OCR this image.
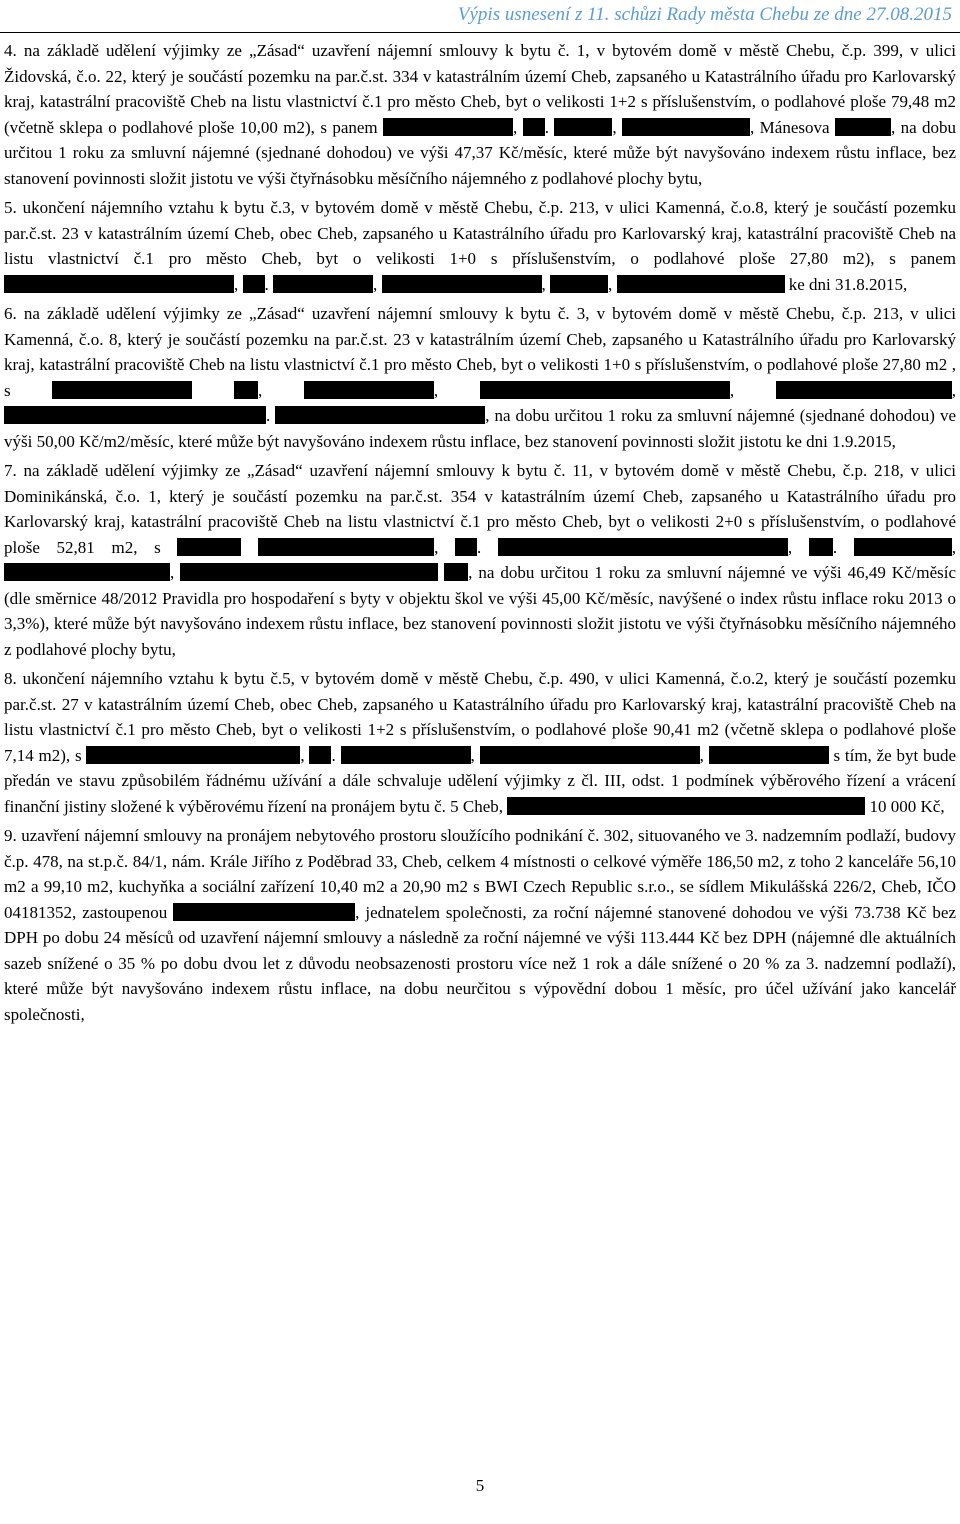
Výpis usnesení z 11. schůzi Rady města Chebu ze dne 27.08.2015

4. na základě udělení výjimky ze „Zásad“ uzavření nájemní smlouvy k bytu č. 1, v bytovém domě v městě Chebu, č.p. 399, v ulici Židovská, č.o. 22, který je součástí pozemku na par.č.st. 334 v katastrálním území Cheb, zapsaného u Katastrálního úřadu pro Karlovarský kraj, katastrální pracoviště Cheb na listu vlastnictví č.1 pro město Cheb, byt o velikosti 1+2 s příslušenstvím, o podlahové ploše 79,48 m2 (včetně sklepa o podlahové ploše 10,00 m2), s panem	, .	,	, Mánesova	, na dobu určitou 1 roku za smluvní nájemné (sjednané dohodou) ve výši 47,37 Kč/měsíc, které může být navyšováno indexem růstu inflace, bez stanovení povinnosti složit jistotu ve výši čtyřnásobku měsíčního nájemného z podlahové plochy bytu,

5. ukončení nájemního vztahu k bytu č.3, v bytovém domě v městě Chebu, č.p. 213, v ulici Kamenná, č.o.8, který je součástí pozemku par.č.st. 23 v katastrálním území Cheb, obec Cheb, zapsaného u Katastrálního úřadu pro Karlovarský kraj, katastrální pracoviště Cheb na listu vlastnictví č.1 pro město Cheb, byt o velikosti 1+0 s příslušenstvím, o podlahové ploše 27,80 m2), s panem , .	,	,	,	ke dni 31.8.2015,

6. na základě udělení výjimky ze „Zásad“ uzavření nájemní smlouvy k bytu č. 3, v bytovém domě v městě Chebu, č.p. 213, v ulici Kamenná, č.o. 8, který je součástí pozemku na par.č.st. 23 v katastrálním území Cheb, zapsaného u Katastrálního úřadu pro Karlovarský kraj, katastrální pracoviště Cheb na listu vlastnictví č.1 pro město Cheb, byt o velikosti 1+0 s příslušenstvím, o podlahové ploše 27,80 m2 , s	,	,	,	, .	, na dobu určitou 1 roku za smluvní nájemné (sjednané dohodou) ve výši 50,00 Kč/m2/měsíc, které může být navyšováno indexem růstu inflace, bez stanovení povinnosti složit jistotu ke dni 1.9.2015,

7. na základě udělení výjimky ze „Zásad“ uzavření nájemní smlouvy k bytu č. 11, v bytovém domě v městě Chebu, č.p. 218, v ulici Dominikánská, č.o. 1, který je součástí pozemku na par.č.st. 354 v katastrálním území Cheb, zapsaného u Katastrálního úřadu pro Karlovarský kraj, katastrální pracoviště Cheb na listu vlastnictví č.1 pro město Cheb, byt o velikosti 2+0 s příslušenstvím, o podlahové ploše 52,81 m2, s	, .	, .	, ,	, na dobu určitou 1 roku za smluvní nájemné ve výši 46,49 Kč/měsíc (dle směrnice 48/2012 Pravidla pro hospodaření s byty v objektu škol ve výši 45,00 Kč/měsíc, navýšené o index růstu inflace roku 2013 o 3,3%), které může být navyšováno indexem růstu inflace, bez stanovení povinnosti složit jistotu ve výši čtyřnásobku měsíčního nájemného z podlahové plochy bytu,

8. ukončení nájemního vztahu k bytu č.5, v bytovém domě v městě Chebu, č.p. 490, v ulici Kamenná, č.o.2, který je součástí pozemku par.č.st. 27 v katastrálním území Cheb, obec Cheb, zapsaného u Katastrálního úřadu pro Karlovarský kraj, katastrální pracoviště Cheb na listu vlastnictví č.1 pro město Cheb, byt o velikosti 1+2 s příslušenstvím, o podlahové ploše 90,41 m2 (včetně sklepa o podlahové ploše 7,14 m2), s	, .	,	,	s tím, že byt bude předán ve stavu způsobilém řádnému užívání a dále schvaluje udělení výjimky z čl. III, odst. 1 podmínek výběrového řízení a vrácení finanční jistiny složené k výběrovému řízení na pronájem bytu č. 5 Cheb,	10 000 Kč,

9. uzavření nájemní smlouvy na pronájem nebytového prostoru sloužícího podnikání č. 302, situovaného ve 3. nadzemním podlaží, budovy č.p. 478, na st.p.č. 84/1, nám. Krále Jiřího z Poděbrad 33, Cheb, celkem 4 místnosti o celkové výměře 186,50 m2, z toho 2 kanceláře 56,10 m2 a 99,10 m2, kuchyňka a sociální zařízení 10,40 m2 a 20,90 m2 s BWI Czech Republic s.r.o., se sídlem Mikulášská 226/2, Cheb, IČO 04181352, zastoupenou	, jednatelem společnosti, za roční nájemné stanovené dohodou ve výši 73.738 Kč bez DPH po dobu 24 měsíců od uzavření nájemní smlouvy a následně za roční nájemné ve výši 113.444 Kč bez DPH (nájemné dle aktuálních sazeb snížené o 35 % po dobu dvou let z důvodu neobsazenosti prostoru více než 1 rok a dále snížené o 20 % za 3. nadzemní podlaží), které může být navyšováno indexem růstu inflace, na dobu neurčitou s výpovědní dobou 1 měsíc, pro účel užívání jako kancelář společnosti,

5
